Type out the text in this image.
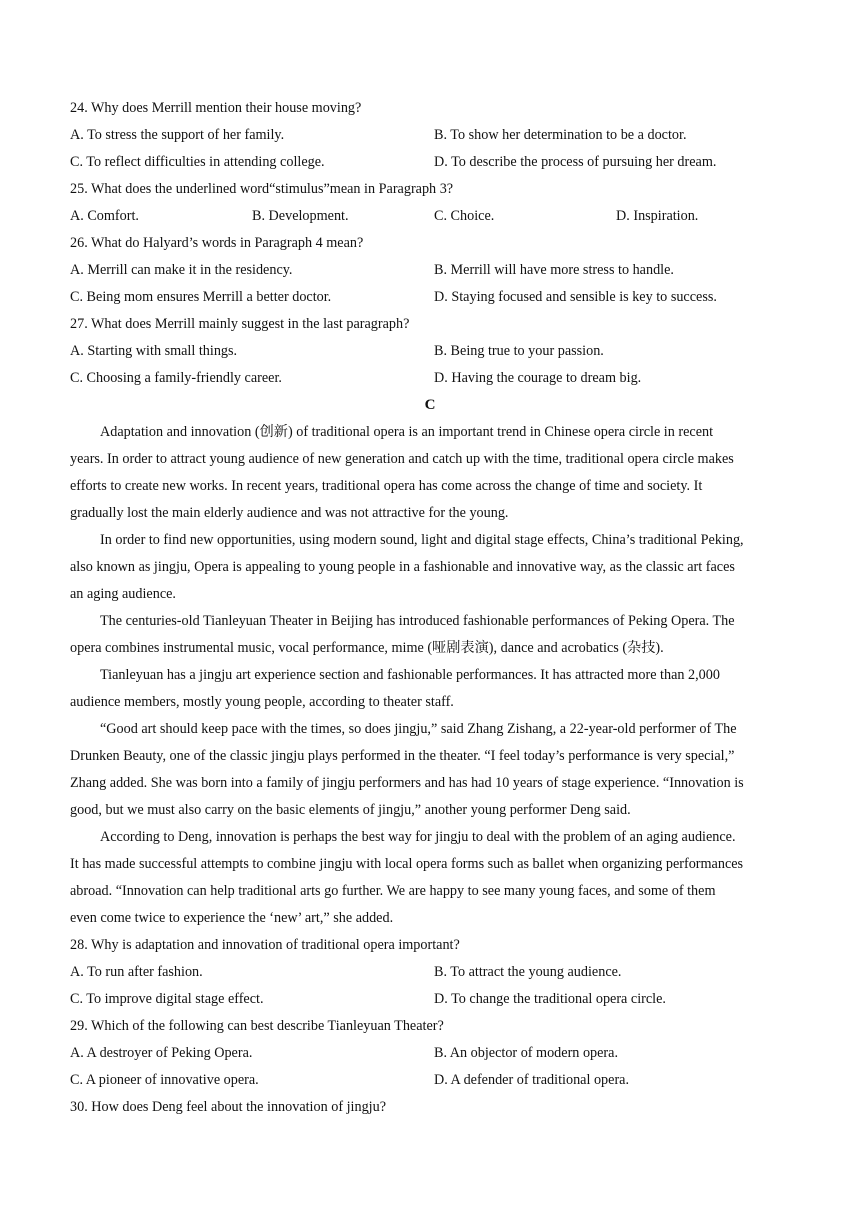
24. Why does Merrill mention their house moving?
A. To stress the support of her family.	B. To show her determination to be a doctor.
C. To reflect difficulties in attending college.	D. To describe the process of pursuing her dream.
25. What does the underlined word“stimulus”mean in Paragraph 3?
A. Comfort.	B. Development.	C. Choice.	D. Inspiration.
26. What do Halyard’s words in Paragraph 4 mean?
A. Merrill can make it in the residency.	B. Merrill will have more stress to handle.
C. Being mom ensures Merrill a better doctor.	D. Staying focused and sensible is key to success.
27. What does Merrill mainly suggest in the last paragraph?
A. Starting with small things.	B. Being true to your passion.
C. Choosing a family-friendly career.	D. Having the courage to dream big.
C
Adaptation and innovation (创新) of traditional opera is an important trend in Chinese opera circle in recent
years. In order to attract young audience of new generation and catch up with the time, traditional opera circle makes
efforts to create new works. In recent years, traditional opera has come across the change of time and society. It
gradually lost the main elderly audience and was not attractive for the young.
In order to find new opportunities, using modern sound, light and digital stage effects, China’s traditional Peking,
also known as jingju, Opera is appealing to young people in a fashionable and innovative way, as the classic art faces
an aging audience.
The centuries-old Tianleyuan Theater in Beijing has introduced fashionable performances of Peking Opera. The
opera combines instrumental music, vocal performance, mime (哑剧表演), dance and acrobatics (杂技).
Tianleyuan has a jingju art experience section and fashionable performances. It has attracted more than 2,000
audience members, mostly young people, according to theater staff.
“Good art should keep pace with the times, so does jingju,” said Zhang Zishang, a 22-year-old performer of The
Drunken Beauty, one of the classic jingju plays performed in the theater. “I feel today’s performance is very special,”
Zhang added. She was born into a family of jingju performers and has had 10 years of stage experience. “Innovation is
good, but we must also carry on the basic elements of jingju,” another young performer Deng said.
According to Deng, innovation is perhaps the best way for jingju to deal with the problem of an aging audience.
It has made successful attempts to combine jingju with local opera forms such as ballet when organizing performances
abroad. “Innovation can help traditional arts go further. We are happy to see many young faces, and some of them
even come twice to experience the ‘new’ art,” she added.
28. Why is adaptation and innovation of traditional opera important?
A. To run after fashion.	B. To attract the young audience.
C. To improve digital stage effect.	D. To change the traditional opera circle.
29. Which of the following can best describe Tianleyuan Theater?
A. A destroyer of Peking Opera.	B. An objector of modern opera.
C. A pioneer of innovative opera.	D. A defender of traditional opera.
30. How does Deng feel about the innovation of jingju?
